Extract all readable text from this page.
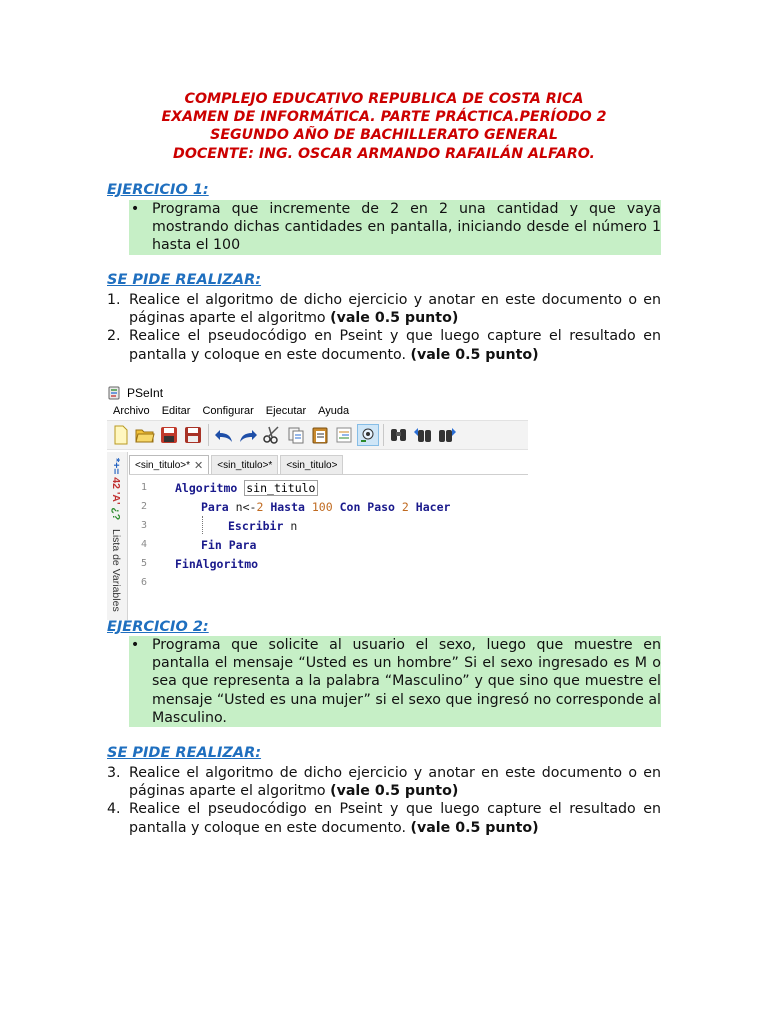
COMPLEJO EDUCATIVO REPUBLICA DE COSTA RICA
EXAMEN DE INFORMÁTICA. PARTE PRÁCTICA.PERÍODO 2
SEGUNDO AÑO DE BACHILLERATO GENERAL
DOCENTE: ING. OSCAR ARMANDO RAFAILÁN ALFARO.
EJERCICIO 1:
• Programa que incremente de 2 en 2 una cantidad y que vaya mostrando dichas cantidades en pantalla, iniciando desde el número 1 hasta el 100
SE PIDE REALIZAR:
1. Realice el algoritmo de dicho ejercicio y anotar en este documento o en páginas aparte el algoritmo (vale 0.5 punto)
2. Realice el pseudocódigo en Pseint y que luego capture el resultado en pantalla y coloque en este documento. (vale 0.5 punto)
PSeInt
Archivo Editar Configurar Ejecutar Ayuda
*+= 42 'A' ¿? Lista de Variables
<sin_titulo>* ✕ <sin_titulo>* <sin_titulo>
1	Algoritmo sin_titulo
2	Para n<-2 Hasta 100 Con Paso 2 Hacer
3	Escribir n
4	Fin Para
5	FinAlgoritmo
6
EJERCICIO 2:
• Programa que solicite al usuario el sexo, luego que muestre en pantalla el mensaje “Usted es un hombre” Si el sexo ingresado es M o sea que representa a la palabra “Masculino” y que sino que muestre el mensaje “Usted es una mujer” si el sexo que ingresó no corresponde al Masculino.
SE PIDE REALIZAR:
3. Realice el algoritmo de dicho ejercicio y anotar en este documento o en páginas aparte el algoritmo (vale 0.5 punto)
4. Realice el pseudocódigo en Pseint y que luego capture el resultado en pantalla y coloque en este documento. (vale 0.5 punto)
